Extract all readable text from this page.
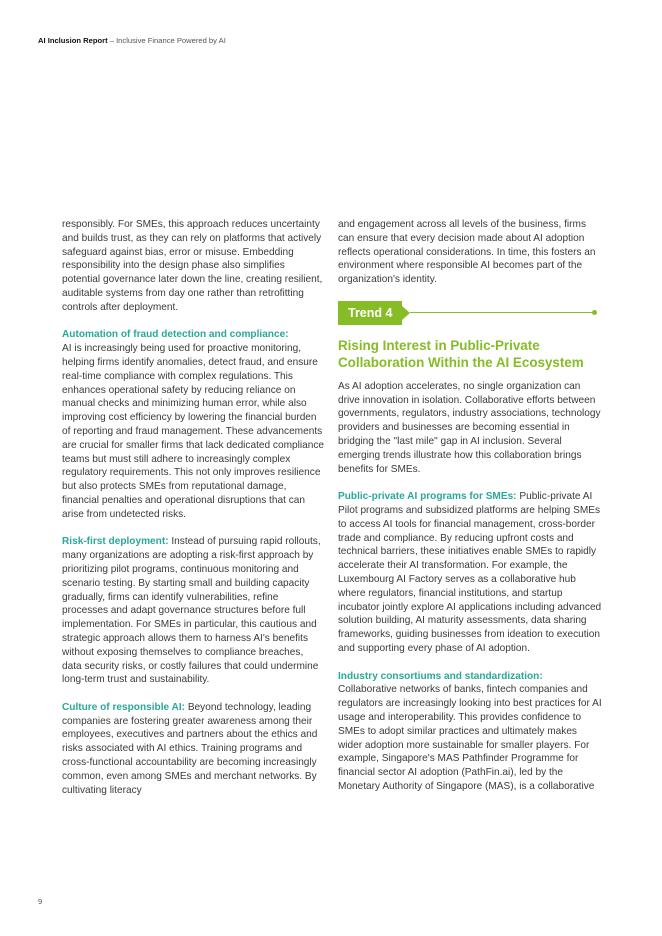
AI Inclusion Report – Inclusive Finance Powered by AI

responsibly. For SMEs, this approach reduces uncertainty and builds trust, as they can rely on platforms that actively safeguard against bias, error or misuse. Embedding responsibility into the design phase also simplifies potential governance later down the line, creating resilient, auditable systems from day one rather than retrofitting controls after deployment.

Automation of fraud detection and compliance:
AI is increasingly being used for proactive monitoring, helping firms identify anomalies, detect fraud, and ensure real-time compliance with complex regulations. This enhances operational safety by reducing reliance on manual checks and minimizing human error, while also improving cost efficiency by lowering the financial burden of reporting and fraud management. These advancements are crucial for smaller firms that lack dedicated compliance teams but must still adhere to increasingly complex regulatory requirements. This not only improves resilience but also protects SMEs from reputational damage, financial penalties and operational disruptions that can arise from undetected risks.

Risk-first deployment: Instead of pursuing rapid rollouts, many organizations are adopting a risk-first approach by prioritizing pilot programs, continuous monitoring and scenario testing. By starting small and building capacity gradually, firms can identify vulnerabilities, refine processes and adapt governance structures before full implementation. For SMEs in particular, this cautious and strategic approach allows them to harness AI's benefits without exposing themselves to compliance breaches, data security risks, or costly failures that could undermine long-term trust and sustainability.

Culture of responsible AI: Beyond technology, leading companies are fostering greater awareness among their employees, executives and partners about the ethics and risks associated with AI ethics. Training programs and cross-functional accountability are becoming increasingly common, even among SMEs and merchant networks. By cultivating literacy

and engagement across all levels of the business, firms can ensure that every decision made about AI adoption reflects operational considerations. In time, this fosters an environment where responsible AI becomes part of the organization's identity.

Trend 4
Rising Interest in Public-Private Collaboration Within the AI Ecosystem

As AI adoption accelerates, no single organization can drive innovation in isolation. Collaborative efforts between governments, regulators, industry associations, technology providers and businesses are becoming essential in bridging the "last mile" gap in AI inclusion. Several emerging trends illustrate how this collaboration brings benefits for SMEs.

Public-private AI programs for SMEs: Public-private AI Pilot programs and subsidized platforms are helping SMEs to access AI tools for financial management, cross-border trade and compliance. By reducing upfront costs and technical barriers, these initiatives enable SMEs to rapidly accelerate their AI transformation. For example, the Luxembourg AI Factory serves as a collaborative hub where regulators, financial institutions, and startup incubator jointly explore AI applications including advanced solution building, AI maturity assessments, data sharing frameworks, guiding businesses from ideation to execution and supporting every phase of AI adoption.

Industry consortiums and standardization:
Collaborative networks of banks, fintech companies and regulators are increasingly looking into best practices for AI usage and interoperability. This provides confidence to SMEs to adopt similar practices and ultimately makes wider adoption more sustainable for smaller players. For example, Singapore's MAS Pathfinder Programme for financial sector AI adoption (PathFin.ai), led by the Monetary Authority of Singapore (MAS), is a collaborative

9
